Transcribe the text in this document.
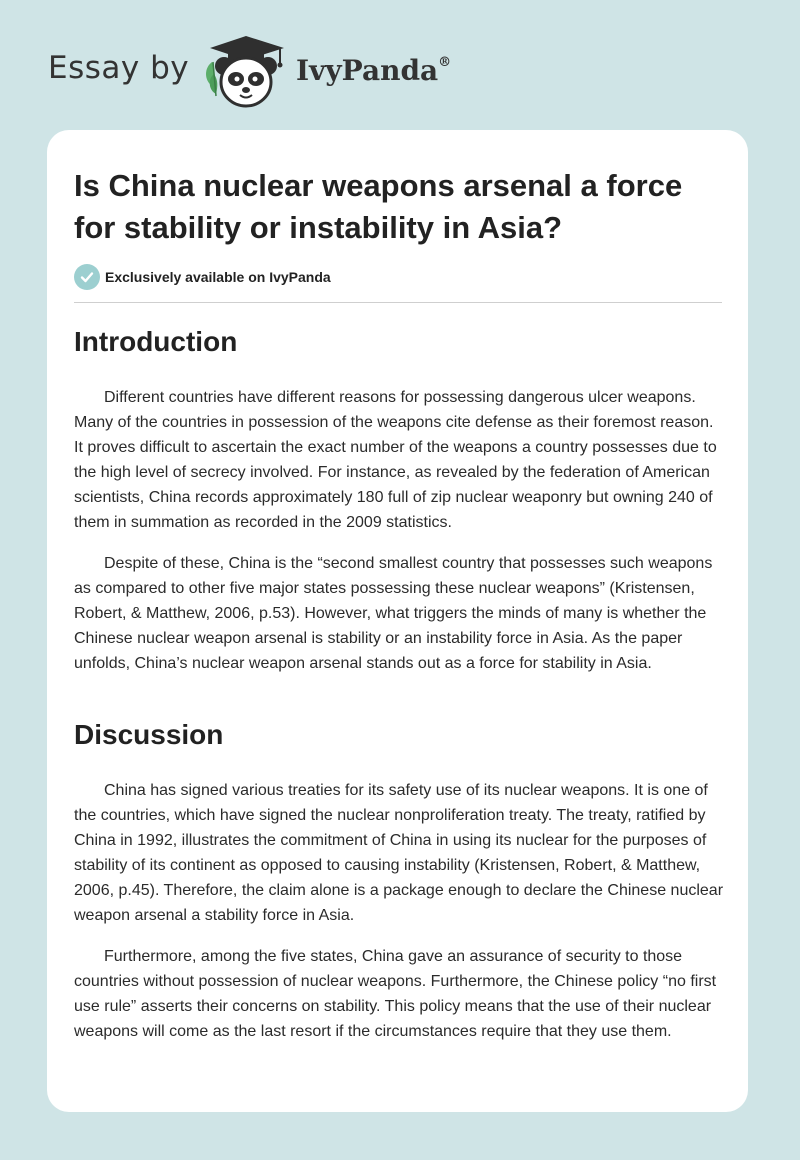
Essay by	IvyPanda®
Is China nuclear weapons arsenal a force for stability or instability in Asia?
Exclusively available on IvyPanda
Introduction

Different countries have different reasons for possessing dangerous ulcer weapons. Many of the countries in possession of the weapons cite defense as their foremost reason. It proves difficult to ascertain the exact number of the weapons a country possesses due to the high level of secrecy involved. For instance, as revealed by the federation of American scientists, China records approximately 180 full of zip nuclear weaponry but owning 240 of them in summation as recorded in the 2009 statistics.

Despite of these, China is the “second smallest country that possesses such weapons as compared to other five major states possessing these nuclear weapons” (Kristensen, Robert, & Matthew, 2006, p.53). However, what triggers the minds of many is whether the Chinese nuclear weapon arsenal is stability or an instability force in Asia. As the paper unfolds, China’s nuclear weapon arsenal stands out as a force for stability in Asia.

Discussion

China has signed various treaties for its safety use of its nuclear weapons. It is one of the countries, which have signed the nuclear nonproliferation treaty. The treaty, ratified by China in 1992, illustrates the commitment of China in using its nuclear for the purposes of stability of its continent as opposed to causing instability (Kristensen, Robert, & Matthew, 2006, p.45). Therefore, the claim alone is a package enough to declare the Chinese nuclear weapon arsenal a stability force in Asia.

Furthermore, among the five states, China gave an assurance of security to those countries without possession of nuclear weapons. Furthermore, the Chinese policy “no first use rule” asserts their concerns on stability. This policy means that the use of their nuclear weapons will come as the last resort if the circumstances require that they use them.
